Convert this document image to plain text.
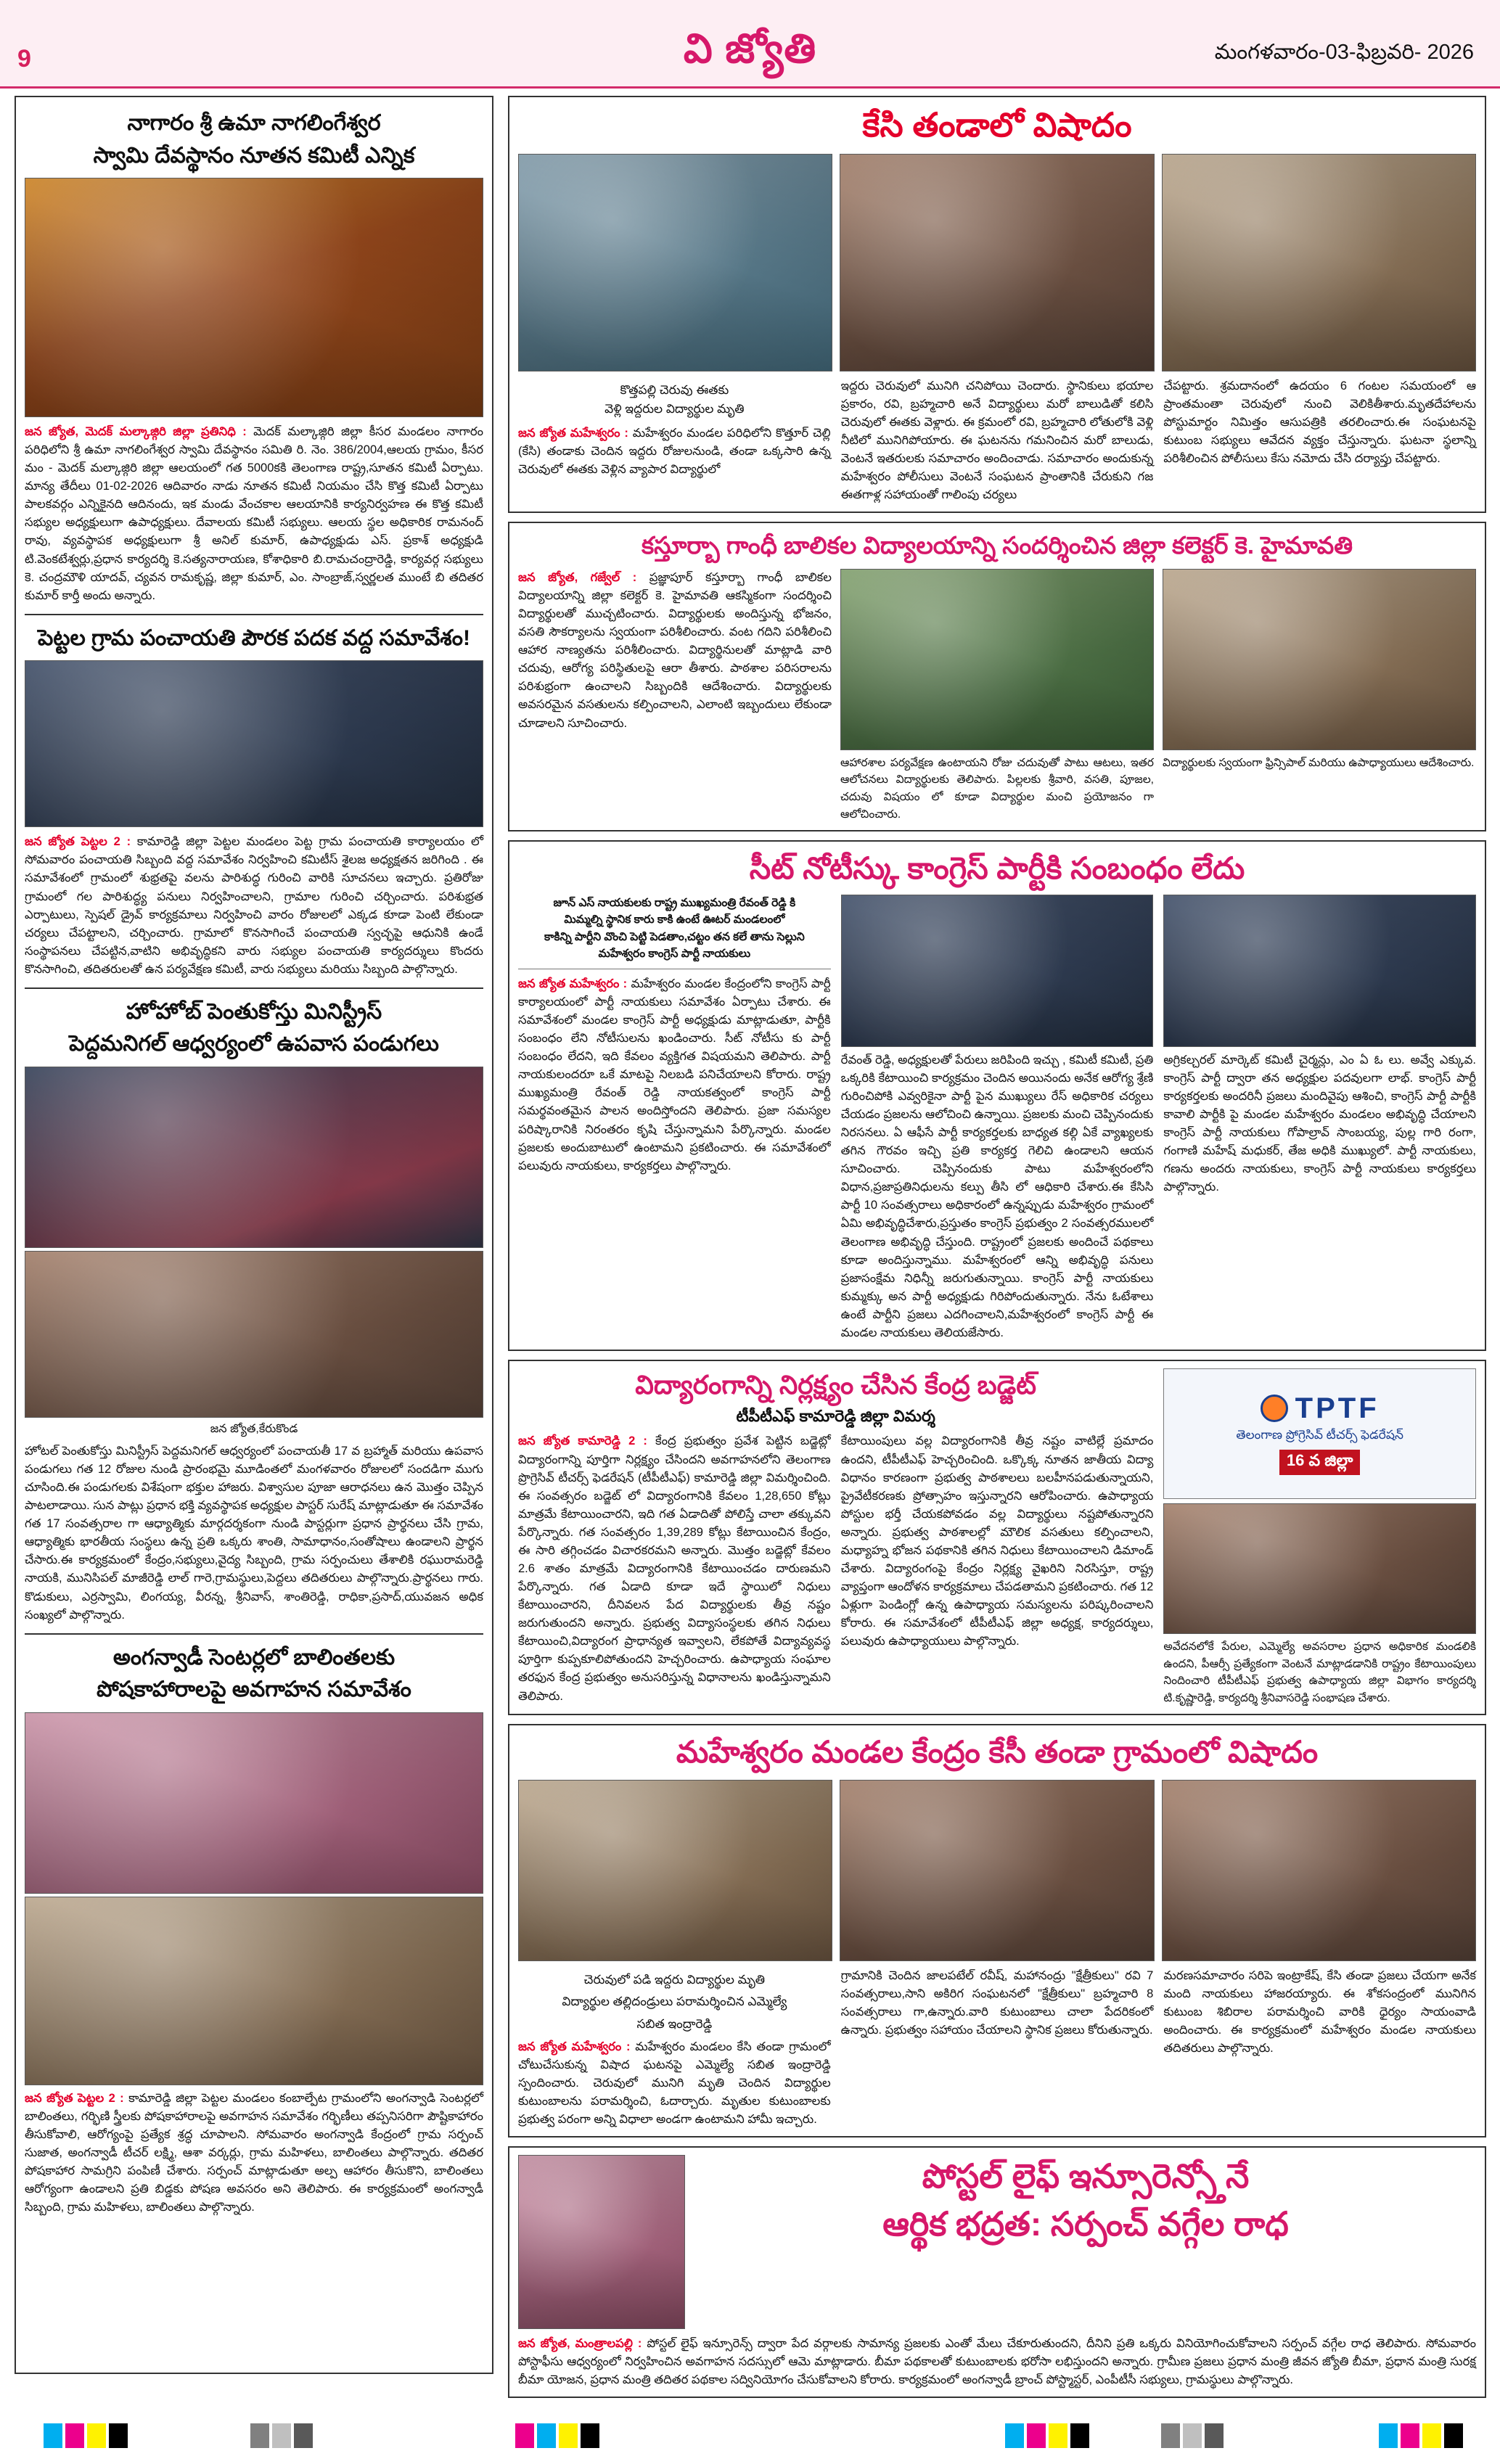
9	వి జ్యోతి	మంగళవారం-03-ఫిబ్రవరి- 2026
నాగారం శ్రీ ఉమా నాగలింగేశ్వర
స్వామి దేవస్థానం నూతన కమిటీ ఎన్నిక
జన జ్యోత, మెదక్ మల్కాజ్గిరి జిల్లా ప్రతినిధి : మెదక్ మల్కాజ్గిరి జిల్లా కీసర మండలం నాగారం పరిధిలోని శ్రీ ఉమా నాగలింగేశ్వర స్వామి దేవస్థానం సమితి రి. నెం. 386/2004,ఆలయ గ్రామం, కీసర మం - మెదక్ మల్కాజ్గిరి జిల్లా ఆలయంలో గత 5000కకి తెలంగాణ రాష్ట్ర,సూతన కమిటీ ఏర్పాటు. మాన్య తేదీలు 01-02-2026 ఆదివారం నాడు నూతన కమిటీ నియమం చేసి కొత్త కమిటీ ఏర్పాటు పాలకవర్గం ఎన్నికైనది ఆదినందు, ఇక మండు వేంచకాల ఆలయానికి కార్యనిర్వహణ ఈ కొత్త కమిటీ సభ్యుల అధ్యక్షులుగా ఉపాధ్యక్షులు. దేవాలయ కమిటీ సభ్యులు. ఆలయ స్థల అధికారిక రామనంద్ రావు, వ్యవస్థాపక అధ్యక్షులుగా శ్రీ అనిల్ కుమార్, ఉపాధ్యక్షుడు ఎస్. ప్రకాశ్ అధ్యక్షుడి టి.వెంకటేశ్వర్లు,ప్రధాన కార్యదర్శి కె.సత్యనారాయణ, కోశాధికారి బి.రామచంద్రారెడ్డి, కార్యవర్గ సభ్యులు కె. చంద్రమౌళి యాదవ్, చ్యవన రామకృష్ణ, జిల్లా కుమార్, ఎం. సాంబ్రాజ్,స్వర్ణలత ముంటే బి తదితర కుమార్ కార్తీ అందు అన్నారు.
పెట్టల గ్రామ పంచాయతి పౌరక పదక వద్ద సమావేశం!
జన జ్యోత పెట్టల 2 : కామారెడ్డి జిల్లా పెట్టల మండలం పెట్ట గ్రామ పంచాయతి కార్యాలయం లో సోమవారం పంచాయతి సిబ్బంది వద్ద సమావేశం నిర్వహించి కమిటీస్ శైలజ అధ్యక్షతన జరిగింది . ఈ సమావేశంలో గ్రామంలో శుభ్రతపై వలను పారిశుద్ధ గురించి వారికి సూచనలు ఇచ్చారు. ప్రతిరోజు గ్రామంలో గల పారిశుద్ధ్య పనులు నిర్వహించాలని, గ్రామాల గురించి చర్చించారు. పరిశుభ్రత ఎర్పాటులు, స్పెషల్ డ్రైవ్ కార్యక్రమాలు నిర్వహించి వారం రోజులలో ఎక్కడ కూడా పెంటి లేకుండా చర్యలు చేపట్టాలని, చర్చించారు. గ్రామాలో కొనసాగించే పంచాయతి స్వచ్ఛపై ఆధునికి ఉండే సంస్థాపనలు చేపట్టిన,వాటిని అభివృద్ధికని వారు సభ్యుల పంచాయతి కార్యదర్శులు కొందరు కొనసాగించి, తదితరులతో ఉన పర్యవేక్షణ కమిటీ, వారు సభ్యులు మరియు సిబ్బంది పాల్గొన్నారు.
హోహోబ్ పెంతుకోస్తు మినిస్ట్రీస్
పెద్దమనిగల్ ఆధ్వర్యంలో ఉపవాస పండుగలు
జన జ్యోత,కేరుకొండ
హోటల్ పెంతుకోస్తు మినిస్ట్రీస్ పెద్దమనిగల్ ఆధ్వర్యంలో పంచాయతీ 17 వ బ్రహ్మాత్ మరియు ఉపవాస పండుగలు గత 12 రోజుల నుండి ప్రారంభమై మూడింతలో మంగళవారం రోజులలో సందడిగా ముగు చూసింది.ఈ పండుగలకు విశేషంగా భక్తుల హాజరు. విశ్వాసుల పూజా ఆరాధనలు ఉన మొత్తం చెప్పిన పాటలాడాయి. సున పాట్లు ప్రధాన భక్తి వ్యవస్థాపక అధ్యక్షుల పాస్టర్ సురేష్ మాట్లాడుతూ ఈ సమావేశం గత 17 సంవత్సరాల గా ఆధ్యాత్మికు మార్గదర్శకంగా నుండి పాస్టర్లుగా ప్రధాన ప్రార్థనలు చేసి గ్రామ, ఆధ్యాత్మికు భారతీయ సంస్థలు ఉన్న ప్రతి ఒక్కరు శాంతి, సామాధానం,సంతోషాలు ఉండాలని ప్రార్థన చేసారు.ఈ కార్యక్రమంలో కేంద్రం,సభ్యులు,వైద్య సిబ్బంది, గ్రామ సర్పంచులు తేశాలికి రఘురామరెడ్డి నాయకి, మునిసిపల్ మాజీరెడ్డి లాల్ గారె,గ్రామస్థులు,పెద్దలు తదితరులు పాల్గొన్నారు.ప్రార్థనలు గారు. కొడుకులు, ఎర్రస్వామి, లింగయ్య, వీరన్న, శ్రీనివాస్, శాంతిరెడ్డి, రాధికా,ప్రసాద్,యువజన అధిక సంఖ్యలో పాల్గొన్నారు.
అంగన్వాడీ సెంటర్లలో బాలింతలకు
పోషకాహారాలపై అవగాహన సమావేశం
జన జ్యోత పెట్టల 2 : కామారెడ్డి జిల్లా పెట్టల మండలం కంబాల్పేట గ్రామంలోని అంగన్వాడి సెంటర్లలో బాలింతలు, గర్భిణి స్త్రీలకు పోషకాహారాలపై అవగాహన సమావేశం గర్భిణీలు తప్పనిసరిగా పౌష్టికాహారం తీసుకోవాలి, ఆరోగ్యంపై ప్రత్యేక శ్రద్ధ చూపాలని. సోమవారం అంగన్వాడి కేంద్రంలో గ్రామ సర్పంచ్ సుజాత, అంగన్వాడీ టీచర్ లక్ష్మి, ఆశా వర్కర్లు, గ్రామ మహిళలు, బాలింతలు పాల్గొన్నారు. తదితర పోషకాహార సామగ్రిని పంపిణీ చేశారు. సర్పంచ్ మాట్లాడుతూ అల్ప ఆహారం తీసుకొని, బాలింతలు ఆరోగ్యంగా ఉండాలని ప్రతి బిడ్డకు పోషణ అవసరం అని తెలిపారు. ఈ కార్యక్రమంలో అంగన్వాడీ సిబ్బంది, గ్రామ మహిళలు, బాలింతలు పాల్గొన్నారు.
కేసి తండాలో విషాదం
కొత్తపల్లి చెరువు ఈతకు
వెళ్లి ఇద్దరుల విద్యార్థుల మృతి
జన జ్యోత మహేశ్వరం : మహేశ్వరం మండల పరిధిలోని కొత్తూర్ చెల్లి (కేసి) తండాకు చెందిన ఇద్దరు రోజులనుండి, తండా ఒక్కసారి ఉన్న చెరువులో ఈతకు వెళ్లిన వ్యాపార విద్యార్థులో
ఇద్దరు చెరువులో మునిగి చనిపోయి చెందారు. స్థానికులు భయాల ప్రకారం, రవి, బ్రహ్మచారి అనే విద్యార్థులు మరో బాలుడితో కలిసి చెరువులో ఈతకు వెళ్లారు. ఈ క్రమంలో రవి, బ్రహ్మచారి లోతులోకి వెళ్లి నీటిలో మునిగిపోయారు. ఈ ఘటనను గమనించిన మరో బాలుడు, వెంటనే ఇతరులకు సమాచారం అందించాడు. సమాచారం అందుకున్న మహేశ్వరం పోలీసులు వెంటనే సంఘటన ప్రాంతానికి చేరుకుని గజ ఈతగాళ్ల సహాయంతో గాలింపు చర్యలు
చేపట్టారు. శ్రమదానంలో ఉదయం 6 గంటల సమయంలో ఆ ప్రాంతమంతా చెరువులో నుంచి వెలికితీశారు.మృతదేహాలను పోస్టుమార్టం నిమిత్తం ఆసుపత్రికి తరలించారు.ఈ సంఘటనపై కుటుంబ సభ్యులు ఆవేదన వ్యక్తం చేస్తున్నారు. ఘటనా స్థలాన్ని పరిశీలించిన పోలీసులు కేసు నమోదు చేసి దర్యాప్తు చేపట్టారు.
కస్తూర్బా గాంధీ బాలికల విద్యాలయాన్ని సందర్శించిన జిల్లా కలెక్టర్ కె. హైమావతి
జన జ్యోత, గజ్వేల్ : ప్రజ్ఞాపూర్ కస్తూర్బా గాంధీ బాలికల విద్యాలయాన్ని జిల్లా కలెక్టర్ కె. హైమావతి ఆకస్మికంగా సందర్శించి విద్యార్థులతో ముచ్చటించారు. విద్యార్థులకు అందిస్తున్న భోజనం, వసతి సౌకర్యాలను స్వయంగా పరిశీలించారు. వంట గదిని పరిశీలించి ఆహార నాణ్యతను పరిశీలించారు. విద్యార్థినులతో మాట్లాడి వారి చదువు, ఆరోగ్య పరిస్థితులపై ఆరా తీశారు. పాఠశాల పరిసరాలను పరిశుభ్రంగా ఉంచాలని సిబ్బందికి ఆదేశించారు. విద్యార్థులకు అవసరమైన వసతులను కల్పించాలని, ఎలాంటి ఇబ్బందులు లేకుండా చూడాలని సూచించారు.
ఆహారశాల పర్యవేక్షణ ఉంటాయని రోజు చదువుతో పాటు ఆటలు, ఇతర ఆలోచనలు విద్యార్థులకు తెలిపారు. పిల్లలకు శ్రీవారి, వసతి, పూజల, చదువు విషయం లో కూడా విద్యార్థుల మంచి ప్రయోజనం గా ఆలోచించారు.
విద్యార్థులకు స్వయంగా ఫ్రిన్సిపాల్ మరియు ఉపాధ్యాయులు ఆదేశించారు.
సీట్ నోటీస్కు కాంగ్రెస్ పార్టీకి సంబంధం లేదు
జూన్ ఎస్ నాయకులకు రాష్ట్ర ముఖ్యమంత్రి రేవంత్ రెడ్డి కి
మిమ్మల్ని స్థానిక కారు కాకి ఉంటే ఊటర్ మండలంలో
కాకిన్ని పార్టీని వొంచి పెట్టి పెడతాం,చట్టం తన కలే తాను సెల్లుని
మహేశ్వరం కాంగ్రెస్ పార్టీ నాయకులు
జన జ్యోత మహేశ్వరం : మహేశ్వరం మండల కేంద్రంలోని కాంగ్రెస్ పార్టీ కార్యాలయంలో పార్టీ నాయకులు సమావేశం ఏర్పాటు చేశారు. ఈ సమావేశంలో మండల కాంగ్రెస్ పార్టీ అధ్యక్షుడు మాట్లాడుతూ, పార్టీకి సంబంధం లేని నోటీసులను ఖండించారు. సీట్ నోటీసు కు పార్టీ సంబంధం లేదని, ఇది కేవలం వ్యక్తిగత విషయమని తెలిపారు. పార్టీ నాయకులందరూ ఒకే మాటపై నిలబడి పనిచేయాలని కోరారు. రాష్ట్ర ముఖ్యమంత్రి రేవంత్ రెడ్డి నాయకత్వంలో కాంగ్రెస్ పార్టీ సమర్థవంతమైన పాలన అందిస్తోందని తెలిపారు. ప్రజా సమస్యల పరిష్కారానికి నిరంతరం కృషి చేస్తున్నామని పేర్కొన్నారు. మండల ప్రజలకు అందుబాటులో ఉంటామని ప్రకటించారు. ఈ సమావేశంలో పలువురు నాయకులు, కార్యకర్తలు పాల్గొన్నారు.
రేవంత్ రెడ్డి, అధ్యక్షులతో పేరులు జరిపింది ఇచ్చు , కమిటీ కమిటీ, ప్రతి ఒక్కరికి కేటాయించి కార్యక్రమం చెందిన అయినందు అనేక ఆరోగ్య శ్రేణి గురించిపోకి ఎవ్వరికైనా పార్టీ పైన ముఖ్యులు రేస్ అధికారిక చర్యలు చేయడం ప్రజలను ఆలోచించి ఉన్నాయి. ప్రజలకు మంచి చెప్పినందుకు నిరసనలు. ఏ ఆఫీసే పార్టీ కార్యకర్తలకు బాధ్యత కల్గి ఏకే వ్యాఖ్యలకు తగిన గౌరవం ఇచ్చి ప్రతి కార్యకర్త గెలిచి ఉండాలని ఆయన సూచించారు. చెప్పినందుకు పాటు మహేశ్వరంలోని విధాన,ప్రజాప్రతినిధులను కల్పు తీసి లో ఆధికారి చేశారు.ఈ కేసిసి పార్టీ 10 సంవత్సరాలు అధికారంలో ఉన్నప్పుడు మహేశ్వరం గ్రామంలో ఏమి అభివృద్ధిచేశారు,ప్రస్తుతం కాంగ్రెస్ ప్రభుత్వం 2 సంవత్సరములలో తెలంగాణ అభివృద్ధి చేస్తుంది. రాష్ట్రంలో ప్రజలకు అందించే పథకాలు కూడా అందిస్తున్నాము. మహేశ్వరంలో ఆన్ని అభివృద్ధి పనులు ప్రజాసంక్షేమ నిధిన్నీ జరుగుతున్నాయి. కాంగ్రెస్ పార్టీ నాయకులు కుమ్మక్కు అన పార్టీ అధ్యక్షుడు గిరిపోందుతున్నారు. నేను ఓటేశాలు ఉంటే పార్టీని ప్రజలు ఎదగించాలని,మహేశ్వరంలో కాంగ్రెస్ పార్టీ ఈ మండల నాయకులు తెలియజేసారు.
అగ్రికల్చరల్ మార్కెట్ కమిటీ చైర్మన్లు, ఎం ఏ ఓ లు. అవ్వే ఎక్కువ. కాంగ్రెస్ పార్టీ ద్వారా తన అధ్యక్షుల పదవులగా లాభ్. కాంగ్రెస్ పార్టీ కార్యకర్తలకు అందరినీ ప్రజలు మందివైపు ఆశించి, కాంగ్రెస్ పార్టీ పార్టీకి కావాలి పార్టీకి పై మండల మహేశ్వరం మండలం అభివృద్ధి చేయాలని కాంగ్రెస్ పార్టీ నాయకులు గోపాల్రావ్ సాంబయ్య, పుల్ల గారి రంగా, గంగాణి మహేష్ మధుకర్, తేజ అధికి ముఖ్యులో. పార్టీ నాయకులు, గణను అందరు నాయకులు, కాంగ్రెస్ పార్టీ నాయకులు కార్యకర్తలు పాల్గొన్నారు.
విద్యారంగాన్ని నిర్లక్ష్యం చేసిన కేంద్ర బడ్జెట్
టీపీటీఎఫ్ కామారెడ్డి జిల్లా విమర్శ
జన జ్యోత కామారెడ్డి 2 : కేంద్ర ప్రభుత్వం ప్రవేశ పెట్టిన బడ్జెట్లో విద్యారంగాన్ని పూర్తిగా నిర్లక్ష్యం చేసిందని అవగాహనలోని తెలంగాణ ప్రొగ్రెసివ్ టీచర్స్ ఫెడరేషన్ (టీపీటీఎఫ్) కామారెడ్డి జిల్లా విమర్శించింది. ఈ సంవత్సరం బడ్జెట్ లో విద్యారంగానికి కేవలం 1,28,650 కోట్లు మాత్రమే కేటాయించారని, ఇది గత ఏడాదితో పోలిస్తే చాలా తక్కువని పేర్కొన్నారు. గత సంవత్సరం 1,39,289 కోట్లు కేటాయించిన కేంద్రం, ఈ సారి తగ్గించడం విచారకరమని అన్నారు. మొత్తం బడ్జెట్లో కేవలం 2.6 శాతం మాత్రమే విద్యారంగానికి కేటాయించడం దారుణమని పేర్కొన్నారు. గత ఏడాది కూడా ఇదే స్థాయిలో నిధులు కేటాయించారని, దీనివలన పేద విద్యార్థులకు తీవ్ర నష్టం జరుగుతుందని అన్నారు. ప్రభుత్వ విద్యాసంస్థలకు తగిన నిధులు కేటాయించి,విద్యారంగ ప్రాధాన్యత ఇవ్వాలని, లేకపోతే విద్యావ్యవస్థ పూర్తిగా కుప్పకూలిపోతుందని హెచ్చరించారు. ఉపాధ్యాయ సంఘాల తరఫున కేంద్ర ప్రభుత్వం అనుసరిస్తున్న విధానాలను ఖండిస్తున్నామని తెలిపారు.
కేటాయింపులు వల్ల విద్యారంగానికి తీవ్ర నష్టం వాటిల్లే ప్రమాదం ఉందని, టీపీటీఎఫ్ హెచ్చరించింది. ఒక్కొక్క నూతన జాతీయ విద్యా విధానం కారణంగా ప్రభుత్వ పాఠశాలలు బలహీనపడుతున్నాయని, ప్రైవేటీకరణకు ప్రోత్సాహం ఇస్తున్నారని ఆరోపించారు. ఉపాధ్యాయ పోస్టుల భర్తీ చేయకపోవడం వల్ల విద్యార్థులు నష్టపోతున్నారని అన్నారు. ప్రభుత్వ పాఠశాలల్లో మౌలిక వసతులు కల్పించాలని, మధ్యాహ్న భోజన పథకానికి తగిన నిధులు కేటాయించాలని డిమాండ్ చేశారు. విద్యారంగంపై కేంద్రం నిర్లక్ష్య వైఖరిని నిరసిస్తూ, రాష్ట్ర వ్యాప్తంగా ఆందోళన కార్యక్రమాలు చేపడతామని ప్రకటించారు. గత 12 ఏళ్లుగా పెండింగ్లో ఉన్న ఉపాధ్యాయ సమస్యలను పరిష్కరించాలని కోరారు. ఈ సమావేశంలో టీపీటీఎఫ్ జిల్లా అధ్యక్ష, కార్యదర్శులు, పలువురు ఉపాధ్యాయులు పాల్గొన్నారు.
TPTF
తెలంగాణ ప్రోగ్రెసివ్ టీచర్స్ ఫెడరేషన్
16 వ జిల్లా
అవేదనలోకే పేరుల, ఎమ్మెల్యే అవసరాల ప్రధాన అధికారిక మండలికి ఉందని, పీఆర్సీ ప్రత్యేకంగా వెంటనే మాట్లాడడానికి రాష్ట్రం కేటాయింపులు నిందించారి టీపీటీఎఫ్ ప్రభుత్వ ఉపాధ్యాయ జిల్లా విభాగం కార్యదర్శి టి.కృష్ణారెడ్డి, కార్యదర్శి శ్రీనివాసరెడ్డి సంభాషణ చేశారు.
మహేశ్వరం మండల కేంద్రం కేసీ తండా గ్రామంలో విషాదం
చెరువులో పడి ఇద్దరు విద్యార్థుల మృతి
విద్యార్థుల తల్లిదండ్రులు పరామర్శించిన ఎమ్మెల్యే
సబిత ఇంద్రారెడ్డి
జన జ్యోత మహేశ్వరం : మహేశ్వరం మండలం కేసి తండా గ్రామంలో చోటుచేసుకున్న విషాద ఘటనపై ఎమ్మెల్యే సబిత ఇంద్రారెడ్డి స్పందించారు. చెరువులో మునిగి మృతి చెందిన విద్యార్థుల కుటుంబాలను పరామర్శించి, ఓదార్చారు. మృతుల కుటుంబాలకు ప్రభుత్వ పరంగా అన్ని విధాలా అండగా ఉంటామని హామీ ఇచ్చారు.
గ్రామానికి చెందిన జాలపటేల్ రవీష్, మహానంద్రు "క్షేత్రీకులు" రవి 7 సంవత్సరాలు,సాని అకిరిగ సంఘటనలో "క్షేత్రీకులు" బ్రహ్మచారి 8 సంవత్సరాలు గా,ఉన్నారు.వారి కుటుంబాలు చాలా పేదరికంలో ఉన్నారు. ప్రభుత్వం సహాయం చేయాలని స్థానిక ప్రజలు కోరుతున్నారు.
మరణసమాచారం సరిపె ఇంట్రాకేష్, కేసి తండా ప్రజలు చేయగా అనేక మంది నాయకులు హాజరయ్యారు. ఈ శోకసంద్రంలో మునిగిన కుటుంబ శిబిరాల పరామర్శించి వారికి ధైర్యం సాయంవాడి అందించారు. ఈ కార్యక్రమంలో మహేశ్వరం మండల నాయకులు తదితరులు పాల్గొన్నారు.
పోస్టల్ లైఫ్ ఇన్సూరెన్స్తోనే
ఆర్థిక భద్రత: సర్పంచ్ వగ్గేల రాధ
జన జ్యోత, మంత్రాలపల్లి : పోస్టల్ లైఫ్ ఇన్సూరెన్స్ ద్వారా పేద వర్గాలకు సామాన్య ప్రజలకు ఎంతో మేలు చేకూరుతుందని, దీనిని ప్రతి ఒక్కరు వినియోగించుకోవాలని సర్పంచ్ వగ్గేల రాధ తెలిపారు. సోమవారం పోస్టాఫీసు ఆధ్వర్యంలో నిర్వహించిన అవగాహన సదస్సులో ఆమె మాట్లాడారు. బీమా పథకాలతో కుటుంబాలకు భరోసా లభిస్తుందని అన్నారు. గ్రామీణ ప్రజలు ప్రధాన మంత్రి జీవన జ్యోతి బీమా, ప్రధాన మంత్రి సురక్ష బీమా యోజన, ప్రధాన మంత్రి తదితర పథకాల సద్వినియోగం చేసుకోవాలని కోరారు. కార్యక్రమంలో అంగన్వాడీ బ్రాంచ్ పోస్ట్మాస్టర్, ఎంపీటీసీ సభ్యులు, గ్రామస్థులు పాల్గొన్నారు.
